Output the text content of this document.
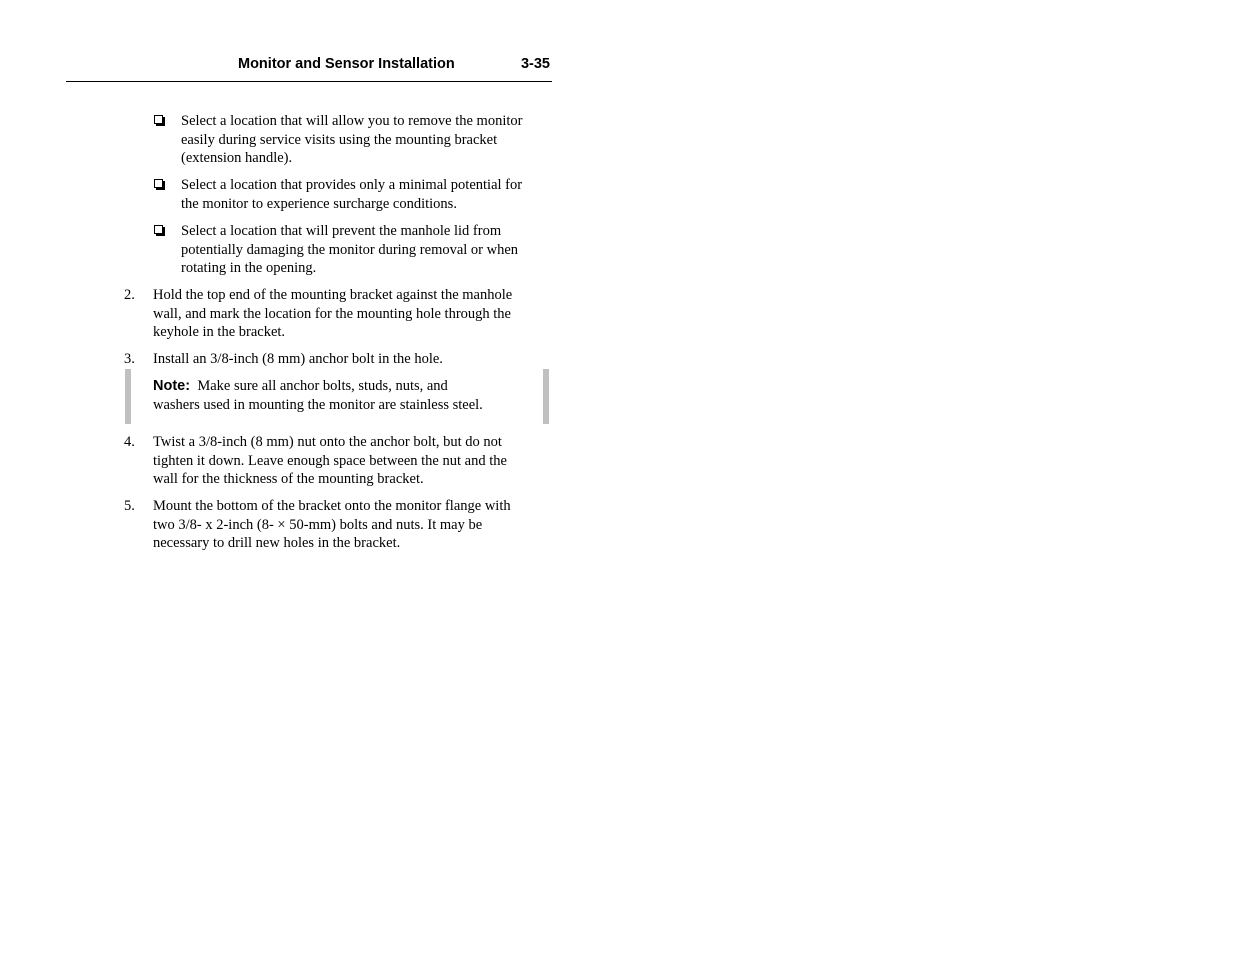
Monitor and Sensor Installation	3-35
Select a location that will allow you to remove the monitor
easily during service visits using the mounting bracket
(extension handle).
Select a location that provides only a minimal potential for
the monitor to experience surcharge conditions.
Select a location that will prevent the manhole lid from
potentially damaging the monitor during removal or when
rotating in the opening.
2. Hold the top end of the mounting bracket against the manhole
wall, and mark the location for the mounting hole through the
keyhole in the bracket.
3. Install an 3/8-inch (8 mm) anchor bolt in the hole.
Note: Make sure all anchor bolts, studs, nuts, and
washers used in mounting the monitor are stainless steel.
4. Twist a 3/8-inch (8 mm) nut onto the anchor bolt, but do not
tighten it down. Leave enough space between the nut and the
wall for the thickness of the mounting bracket.
5. Mount the bottom of the bracket onto the monitor flange with
two 3/8- x 2-inch (8- × 50-mm) bolts and nuts. It may be
necessary to drill new holes in the bracket.
